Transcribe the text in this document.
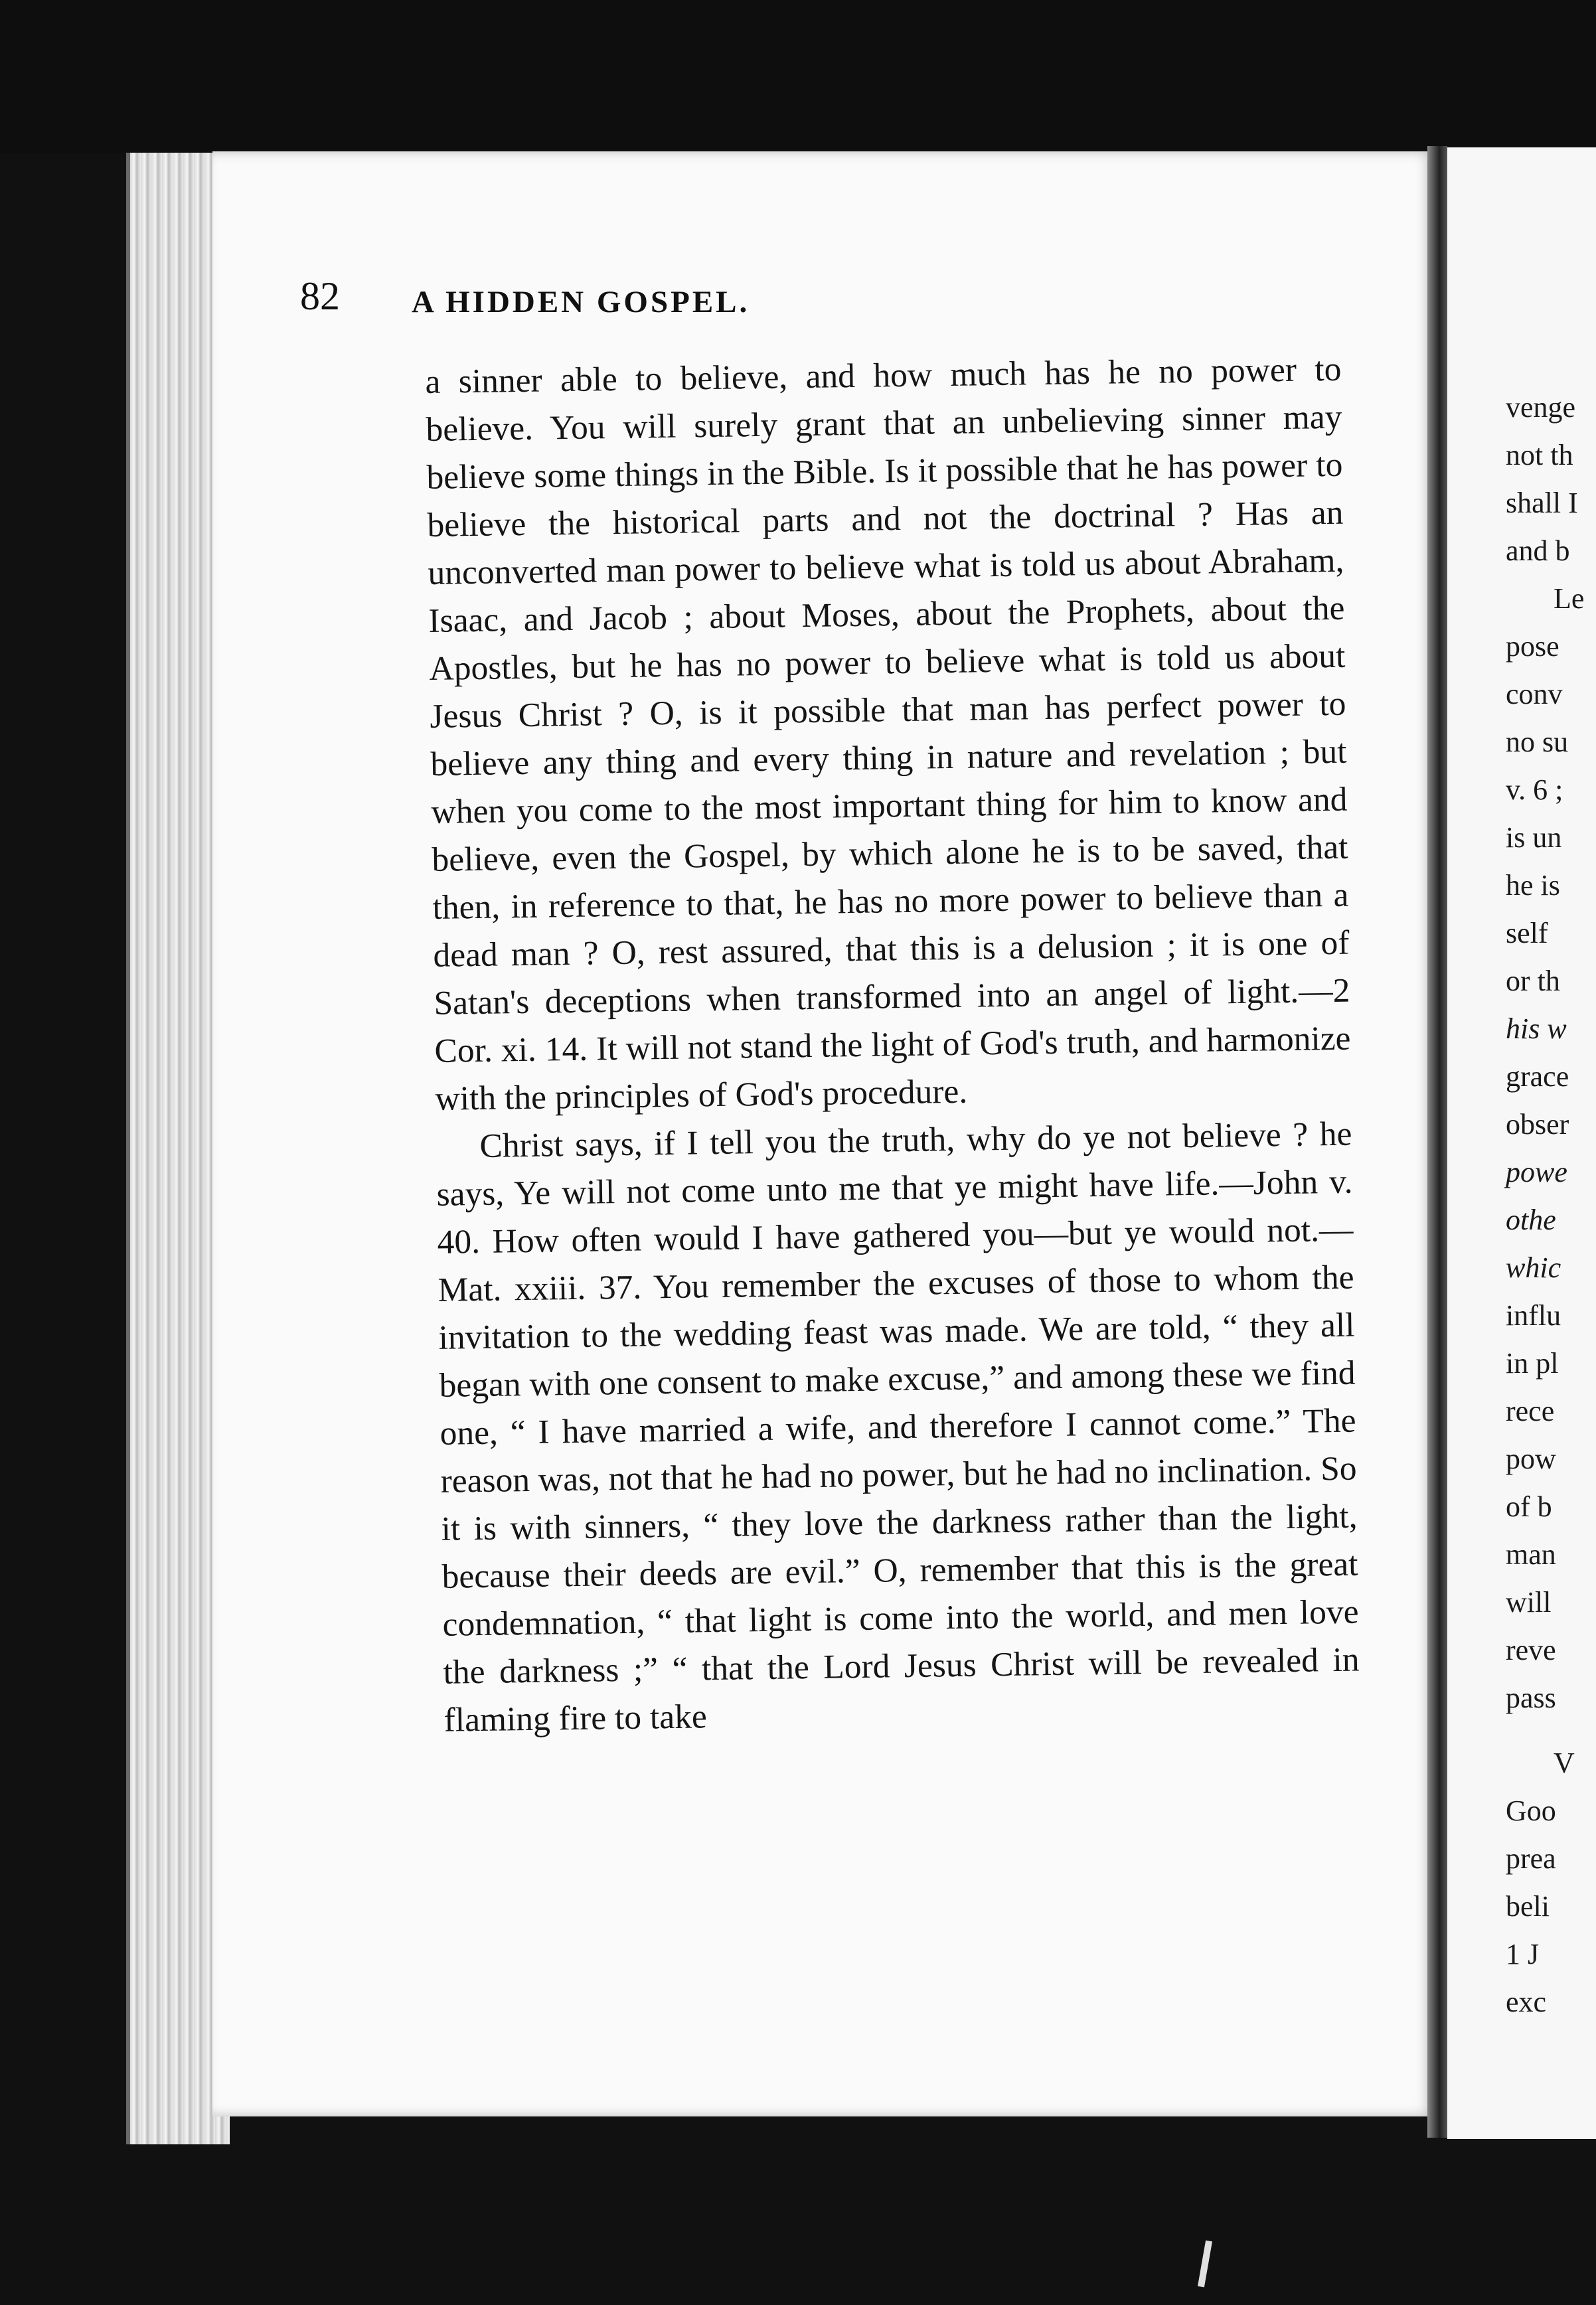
82 A HIDDEN GOSPEL.

a sinner able to believe, and how much has he no power to believe. You will surely grant that an unbelieving sinner may believe some things in the Bible. Is it possible that he has power to believe the historical parts and not the doctrinal ? Has an unconverted man power to believe what is told us about Abraham, Isaac, and Jacob ; about Moses, about the Prophets, about the Apostles, but he has no power to believe what is told us about Jesus Christ ? O, is it possible that man has perfect power to believe any thing and every thing in nature and revelation ; but when you come to the most important thing for him to know and believe, even the Gospel, by which alone he is to be saved, that then, in reference to that, he has no more power to believe than a dead man ? O, rest assured, that this is a delusion ; it is one of Satan's deceptions when transformed into an angel of light.—2 Cor. xi. 14. It will not stand the light of God's truth, and harmonize with the principles of God's procedure.

Christ says, if I tell you the truth, why do ye not believe ? he says, Ye will not come unto me that ye might have life.—John v. 40. How often would I have gathered you—but ye would not.—Mat. xxiii. 37. You remember the excuses of those to whom the invitation to the wedding feast was made. We are told, “ they all began with one consent to make excuse,” and among these we find one, “ I have married a wife, and therefore I cannot come.” The reason was, not that he had no power, but he had no inclination. So it is with sinners, “ they love the darkness rather than the light, because their deeds are evil.” O, remember that this is the great condemnation, “ that light is come into the world, and men love the darkness ;” “ that the Lord Jesus Christ will be revealed in flaming fire to take

venge
not th
shall I
and b
Le
pose
conv
no su
v. 6 ;
is un
he is
self
or th
his w
grace
obser
powe
othe
whic
influ
in pl
rece
pow
of b
man
will
reve
pass
V
Goo
prea
beli
1 J
exc
